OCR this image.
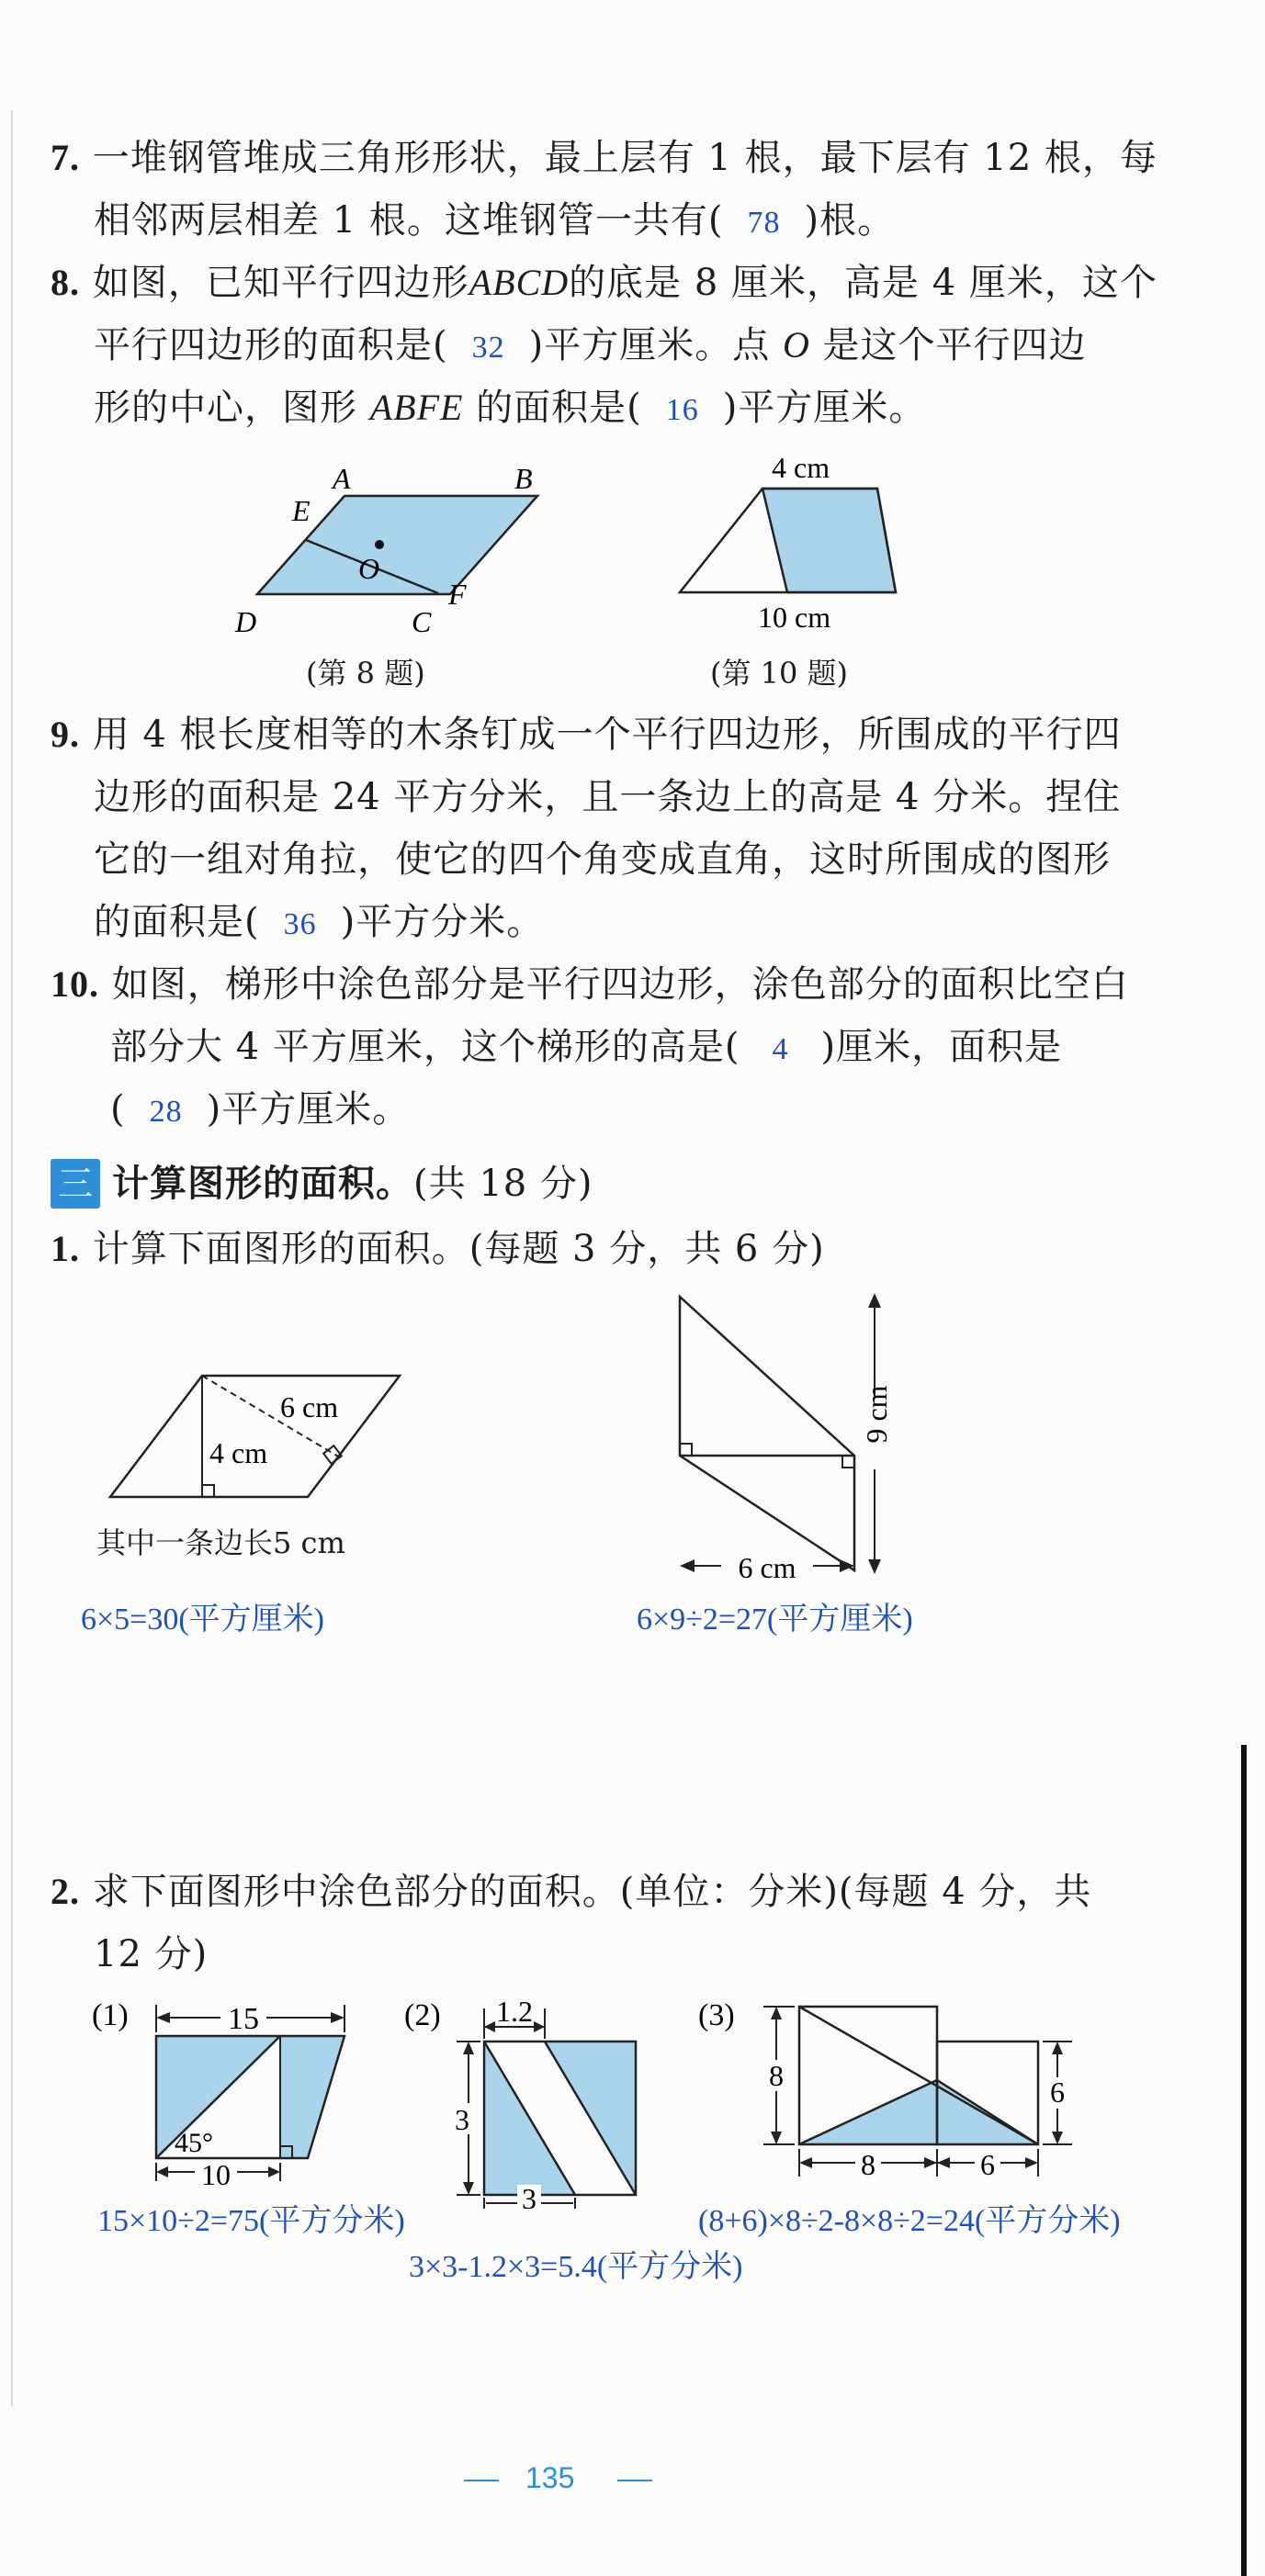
7. 一堆钢管堆成三角形形状，最上层有 1 根，最下层有 12 根，每
相邻两层相差 1 根。这堆钢管一共有( 78 )根。
8. 如图，已知平行四边形ABCD的底是 8 厘米，高是 4 厘米，这个
平行四边形的面积是( 32 )平方厘米。点 O 是这个平行四边
形的中心，图形 ABFE 的面积是( 16 )平方厘米。
A	B
C
D
E
F
O
(第 8 题)
4 cm
10 cm
(第 10 题)
9. 用 4 根长度相等的木条钉成一个平行四边形，所围成的平行四
边形的面积是 24 平方分米，且一条边上的高是 4 分米。捏住
它的一组对角拉，使它的四个角变成直角，这时所围成的图形
的面积是( 36 )平方分米。
10. 如图，梯形中涂色部分是平行四边形，涂色部分的面积比空白
部分大 4 平方厘米，这个梯形的高是( 4 )厘米，面积是
( 28 )平方厘米。
三 计算图形的面积。(共 18 分)
1. 计算下面图形的面积。(每题 3 分，共 6 分)
6 cm
4 cm
其中一条边长5 cm
6×5=30(平方厘米)
9 cm
6 cm
6×9÷2=27(平方厘米)
2. 求下面图形中涂色部分的面积。(单位：分米)(每题 4 分，共
12 分)
(1)	15
45°
10
15×10÷2=75(平方分米)
(2) 1.2
3
3
3×3-1.2×3=5.4(平方分米)
(3)
8	6
8	6
(8+6)×8÷2-8×8÷2=24(平方分米)
135
